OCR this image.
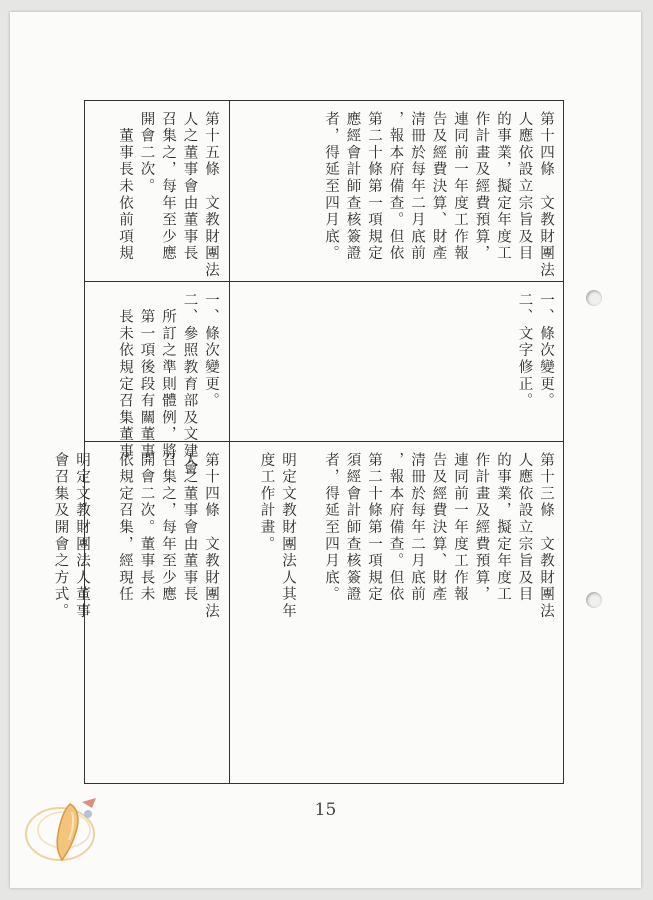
第十四條　文教財團法
人應依設立宗旨及目
的事業，擬定年度工
作計畫及經費預算，
連同前一年度工作報
告及經費決算、財產
清冊於每年二月底前
，報本府備查。但依
第二十條第一項規定
應經會計師查核簽證
者，得延至四月底。
第十五條　文教財團法
人之董事會由董事長
召集之，每年至少應
開會二次。
　董事長未依前項規
一、條次變更。
二、文字修正。
一、條次變更。
二、參照教育部及文建會
　所訂之準則體例，將
　第一項後段有關董事
　長未依規定召集董事
第十三條　文教財團法
人應依設立宗旨及目
的事業，擬定年度工
作計畫及經費預算，
連同前一年度工作報
告及經費決算、財產
清冊於每年二月底前
，報本府備查。但依
第二十條第一項規定
須經會計師查核簽證
者，得延至四月底。

明定文教財團法人其年
度工作計畫。
第十四條　文教財團法
人之董事會由董事長
召集之，每年至少應
開會二次。董事長未
依規定召集，經現任

明定文教財團法人董事
會召集及開會之方式。
15
